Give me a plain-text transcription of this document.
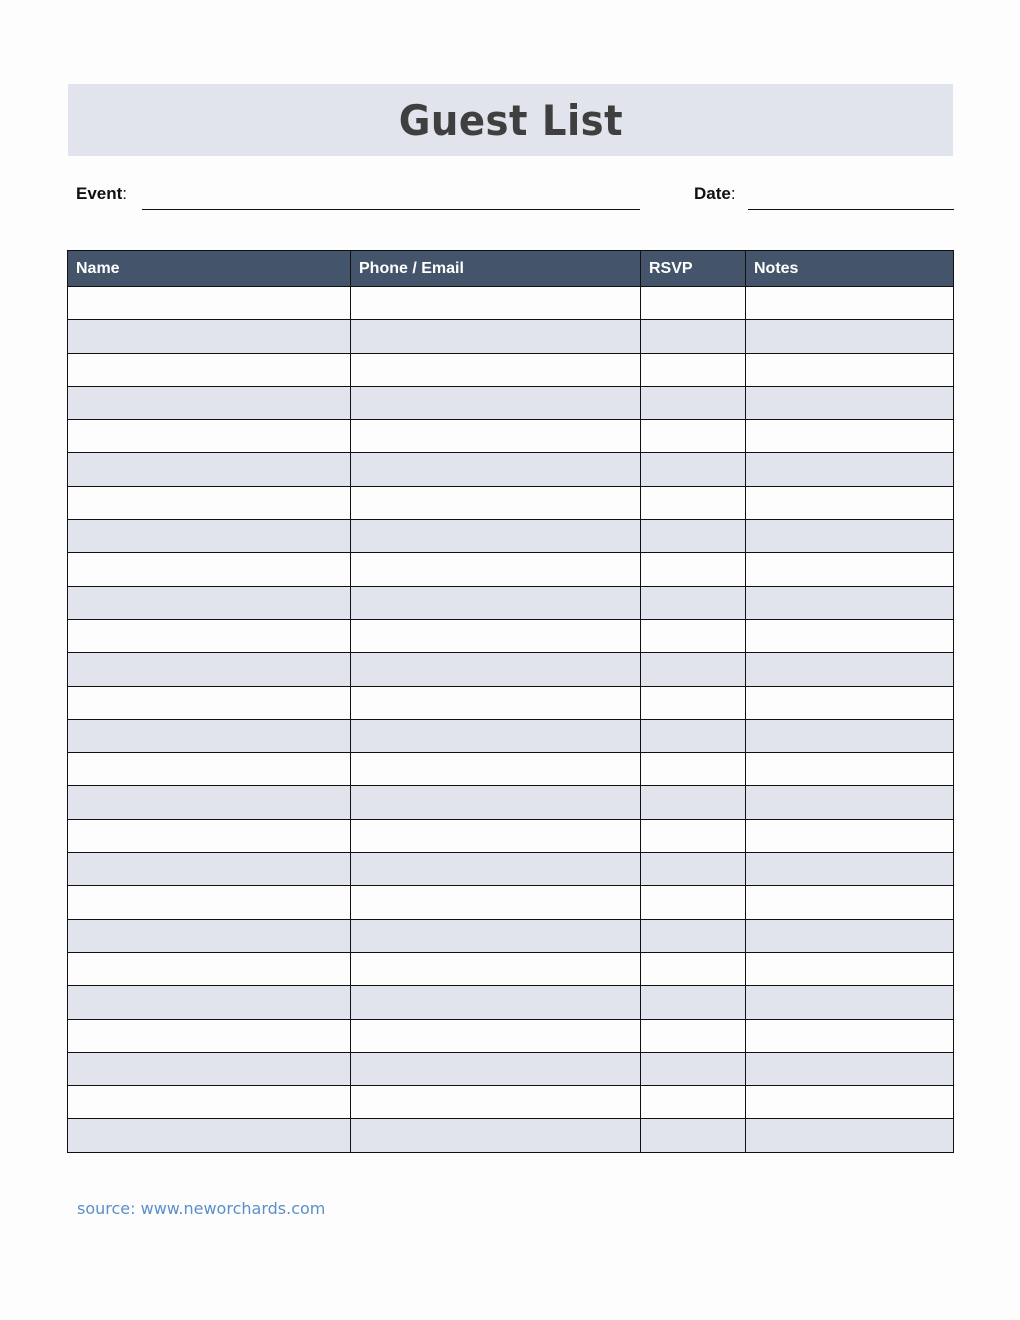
Guest List
Event:	Date:
Name	Phone / Email	RSVP	Notes

source: www.neworchards.com
